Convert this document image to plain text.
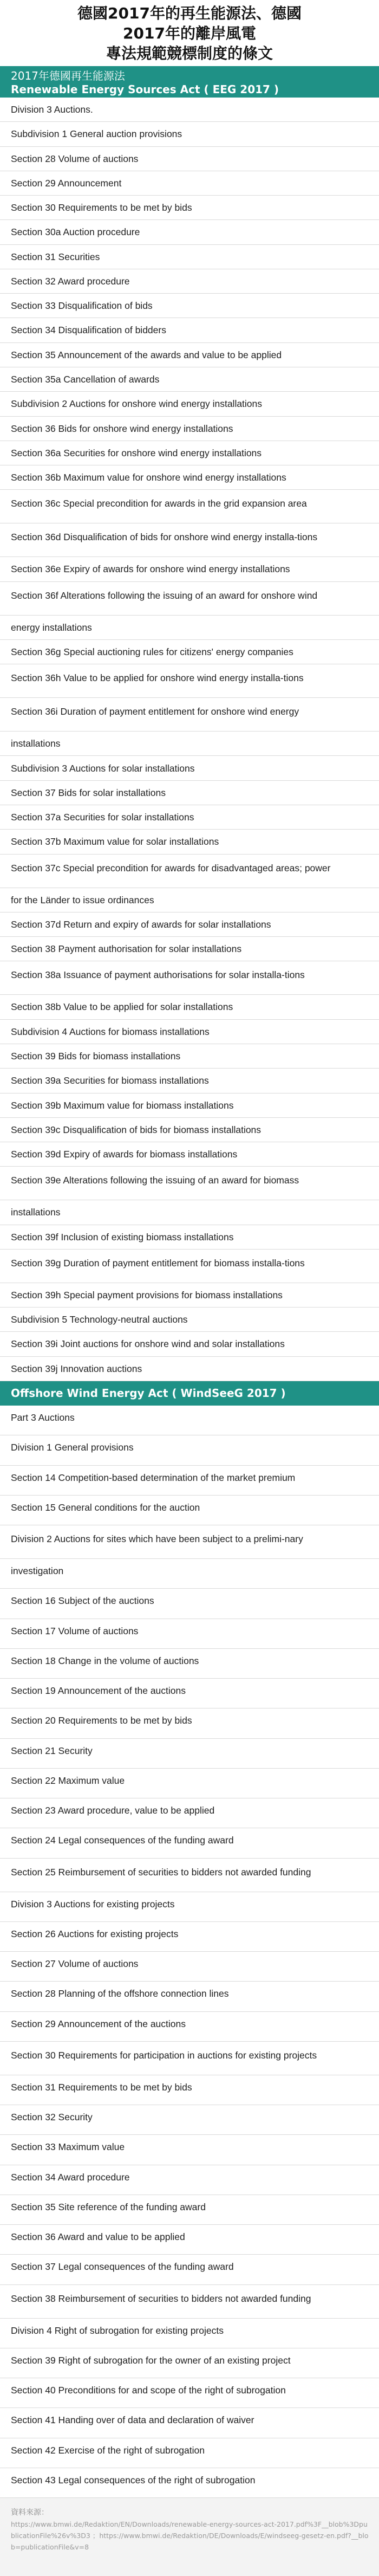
德國2017年的再生能源法、德國
2017年的離岸風電
專法規範競標制度的條文
2017年德國再生能源法
Renewable Energy Sources Act ( EEG 2017 )
Division 3 Auctions.
Subdivision 1 General auction provisions
Section 28 Volume of auctions
Section 29 Announcement
Section 30 Requirements to be met by bids
Section 30a Auction procedure
Section 31 Securities
Section 32 Award procedure
Section 33 Disqualification of bids
Section 34 Disqualification of bidders
Section 35 Announcement of the awards and value to be applied
Section 35a Cancellation of awards
Subdivision 2 Auctions for onshore wind energy installations
Section 36 Bids for onshore wind energy installations
Section 36a Securities for onshore wind energy installations
Section 36b Maximum value for onshore wind energy installations
Section 36c Special precondition for awards in the grid expansion area
Section 36d Disqualification of bids for onshore wind energy installa-tions
Section 36e Expiry of awards for onshore wind energy installations
Section 36f Alterations following the issuing of an award for onshore wind
energy installations
Section 36g Special auctioning rules for citizens' energy companies
Section 36h Value to be applied for onshore wind energy installa-tions
Section 36i Duration of payment entitlement for onshore wind energy
installations
Subdivision 3 Auctions for solar installations
Section 37 Bids for solar installations
Section 37a Securities for solar installations
Section 37b Maximum value for solar installations
Section 37c Special precondition for awards for disadvantaged areas; power
for the Länder to issue ordinances
Section 37d Return and expiry of awards for solar installations
Section 38 Payment authorisation for solar installations
Section 38a Issuance of payment authorisations for solar installa-tions
Section 38b Value to be applied for solar installations
Subdivision 4 Auctions for biomass installations
Section 39 Bids for biomass installations
Section 39a Securities for biomass installations
Section 39b Maximum value for biomass installations
Section 39c Disqualification of bids for biomass installations
Section 39d Expiry of awards for biomass installations
Section 39e Alterations following the issuing of an award for biomass
installations
Section 39f Inclusion of existing biomass installations
Section 39g Duration of payment entitlement for biomass installa-tions
Section 39h Special payment provisions for biomass installations
Subdivision 5 Technology-neutral auctions
Section 39i Joint auctions for onshore wind and solar installations
Section 39j Innovation auctions
Offshore Wind Energy Act ( WindSeeG 2017 )
Part 3 Auctions
Division 1 General provisions
Section 14 Competition-based determination of the market premium
Section 15 General conditions for the auction
Division 2 Auctions for sites which have been subject to a prelimi-nary
investigation
Section 16 Subject of the auctions
Section 17 Volume of auctions
Section 18 Change in the volume of auctions
Section 19 Announcement of the auctions
Section 20 Requirements to be met by bids
Section 21 Security
Section 22 Maximum value
Section 23 Award procedure, value to be applied
Section 24 Legal consequences of the funding award
Section 25 Reimbursement of securities to bidders not awarded funding
Division 3 Auctions for existing projects
Section 26 Auctions for existing projects
Section 27 Volume of auctions
Section 28 Planning of the offshore connection lines
Section 29 Announcement of the auctions
Section 30 Requirements for participation in auctions for existing projects
Section 31 Requirements to be met by bids
Section 32 Security
Section 33 Maximum value
Section 34 Award procedure
Section 35 Site reference of the funding award
Section 36 Award and value to be applied
Section 37 Legal consequences of the funding award
Section 38 Reimbursement of securities to bidders not awarded funding
Division 4 Right of subrogation for existing projects
Section 39 Right of subrogation for the owner of an existing project
Section 40 Preconditions for and scope of the right of subrogation
Section 41 Handing over of data and declaration of waiver
Section 42 Exercise of the right of subrogation
Section 43 Legal consequences of the right of subrogation
資料來源：
https://www.bmwi.de/Redaktion/EN/Downloads/renewable-energy-sources-act-2017.pdf%3F__blob%3DpublicationFile%26v%3D3 ；https://www.bmwi.de/Redaktion/DE/Downloads/E/windseeg-gesetz-en.pdf?__blob=publicationFile&v=8
